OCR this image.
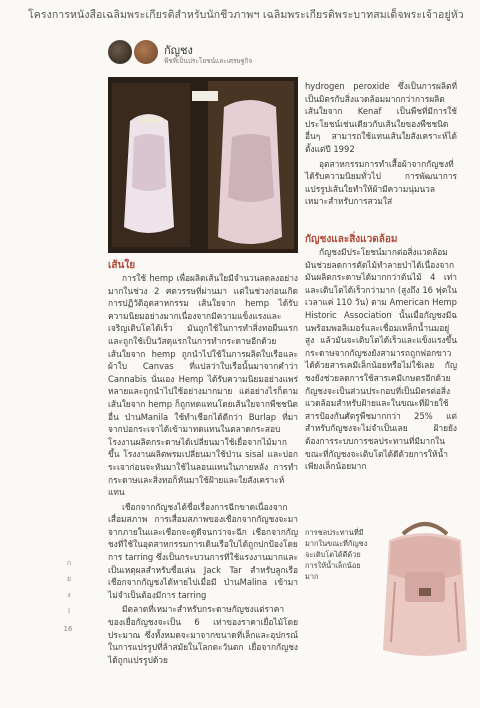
โครงการหนังสือเฉลิมพระเกียรติสำหรับนักชีวภาพฯ เฉลิมพระเกียรติพระบาทสมเด็จพระเจ้าอยู่หัว
กัญชง
พืชที่เป็นประโยชน์และเศรษฐกิจ

hydrogen peroxide ซึ่งเป็นการผลิตที่เป็นมิตรกับสิ่งแวดล้อมมากกว่าการผลิตเส้นใยจาก Kenaf เป็นพืชที่มีการใช้ประโยชน์เช่นเดียวกับเส้นใยของพืชชนิดอื่นๆ สามารถใช้แทนเส้นใยสังเคราะห์ได้ตั้งแต่ปี 1992

อุตสาหกรรมการทำเสื้อผ้าจากกัญชงที่ได้รับความนิยมทั่วไป การพัฒนาการแปรรูปเส้นใยทำให้ผ้ามีความนุ่มนวลเหมาะสำหรับการสวมใส่

เส้นใย

การใช้ hemp เพื่อผลิตเส้นใยมีจำนวนลดลงอย่างมากในช่วง 2 ศตวรรษที่ผ่านมา แต่ในช่วงก่อนเกิดการปฏิวัติอุตสาหกรรม เส้นใยจาก hemp ได้รับความนิยมอย่างมากเนื่องจากมีความแข็งแรงและเจริญเติบโตได้เร็ว มันถูกใช้ในการทำสิ่งทอผืนแรกและถูกใช้เป็นวัสดุแรกในการทำกระดาษอีกด้วย เส้นใยจาก hemp ถูกนำไปใช้ในการผลิตใบเรือและผ้าใบ Canvas ที่แปลว่าใบเรือนั้นมาจากคำว่า Cannabis นั่นเอง Hemp ได้รับความนิยมอย่างแพร่หลายและถูกนำไปใช้อย่างมากมาย แต่อย่างไรก็ตามเส้นใยจาก hemp ก็ถูกทดแทนโดยเส้นใยจากพืชชนิดอื่น ป่านManila ใช้ทำเชือกได้ดีกว่า Burlap ที่มาจากปอกระเจาได้เข้ามาทดแทนในตลาดกระสอบ โรงงานผลิตกระดาษได้เปลี่ยนมาใช้เยื่อจากไม้มากขึ้น โรงงานผลิตพรมเปลี่ยนมาใช้ป่าน sisal และปอกระเจาก่อนจะหันมาใช้ไนลอนแทนในภายหลัง การทำกระดาษและสิ่งทอก็หันมาใช้ฝ้ายและใยสังเคราะห์แทน

เชือกจากกัญชงได้ชื่อเรื่องการฉีกขาดเนื่องจากเสื่อมสภาพ การเสื่อมสภาพของเชือกจากกัญชงจะมาจากภายในและเชือกจะดูดีจนกว่าจะฉีก เชือกจากกัญชงที่ใช้ในอุตสาหกรรมการเดินเรือใบได้ถูกปกป้องโดยการ tarring ซึ่งเป็นกระบวนการที่ใช้แรงงานมากและเป็นเหตุผลสำหรับชื่อเล่น Jack Tar สำหรับลูกเรือ เชือกจากกัญชงได้หายไปเมื่อมี ป่านMalina เข้ามาไม่จำเป็นต้องมีการ tarring

มีตลาดที่เหมาะสำหรับกระดาษกัญชงแต่ราคาของเยื่อกัญชงจะเป็น 6 เท่าของราคาเยื่อไม้โดยประมาณ ซึ่งทั้งหมดจะมาจากขนาดที่เล็กและอุปกรณ์ในการแปรรูปที่ล้าสมัยในโลกตะวันตก เยื่อจากกัญชงได้ถูกแปรรูปด้วย

กัญชงและสิ่งแวดล้อม

กัญชงมีประโยชน์มากต่อสิ่งแวดล้อม มันช่วยลดการตัดไม้ทำลายป่าได้เนื่องจากมันผลิตกระดาษได้มากกว่าต้นไม้ 4 เท่าและเติบโตได้เร็วกว่ามาก (สูงถึง 16 ฟุตในเวลาแค่ 110 วัน) ตาม American Hemp Historic Association นั้นเมื่อกัญชงมีฉนพร้อมพอลิเมอร์และเชื่อมเหล็กน้ำนมอยู่สูง แล้วมันจะเติบโตได้เร็วและแข็งแรงขึ้น กระดาษจากกัญชงยังสามารถถูกฟอกขาวได้ด้วยสารเคมีเล็กน้อยหรือไม่ใช้เลย กัญชงยังช่วยลดการใช้สารเคมีเกษตรอีกด้วย กัญชงจะเป็นส่วนประกอบที่เป็นมิตรต่อสิ่งแวดล้อมสำหรับฝ้ายและในขณะที่ฝ้ายใช้สารป้องกันศัตรูพืชมากกว่า 25% แต่สำหรับกัญชงจะไม่จำเป็นเลย ฝ้ายยังต้องการระบบการชลประทานที่มีมากในขณะที่กัญชงจะเติบโตได้ดีด้วยการให้น้ำเพียงเล็กน้อยมาก

การชลประทานที่มี มากในขณะที่กัญชง จะเติบโตได้ดีด้วย การให้น้ำเล็กน้อย มาก
ก
ย
ง
I
16
